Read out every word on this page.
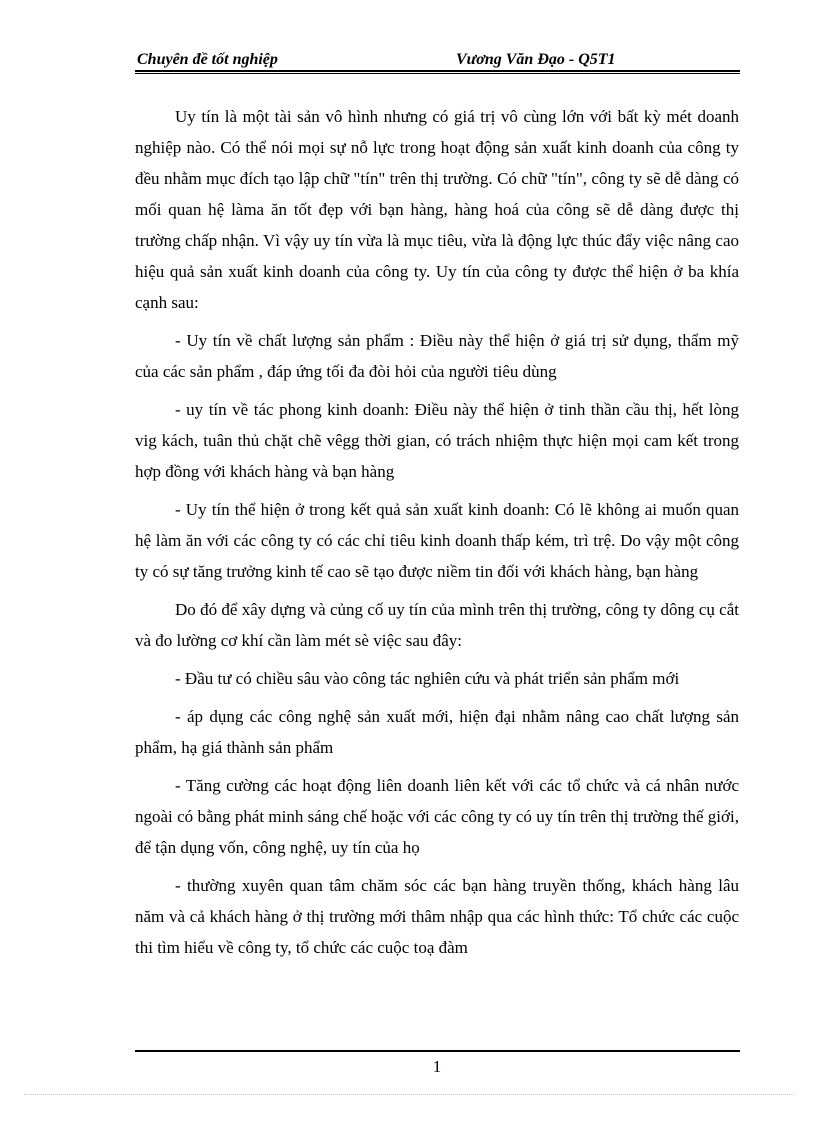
Chuyên đề tốt nghiệp	Vương Văn Đạo - Q5T1

Uy tín là một tài sản vô hình nhưng có giá trị vô cùng lớn với bất kỳ mét doanh nghiệp nào. Có thể nói mọi sự nỗ lực trong hoạt động sản xuất kinh doanh của công ty đều nhằm mục đích tạo lập chữ "tín" trên thị trường. Có chữ "tín", công ty sẽ dễ dàng có mối quan hệ làma ăn tốt đẹp với bạn hàng, hàng hoá của công sẽ dễ dàng được thị trường chấp nhận. Vì vậy uy tín vừa là mục tiêu, vừa là động lực thúc đẩy việc nâng cao hiệu quả sản xuất kinh doanh của công ty. Uy tín của công ty được thể hiện ở ba khía cạnh sau:

- Uy tín về chất lượng sản phẩm : Điều này thể hiện ở giá trị sử dụng, thẩm mỹ của các sản phẩm , đáp ứng tối đa đòi hỏi của người tiêu dùng

- uy tín về tác phong kinh doanh: Điều này thể hiện ở tinh thần cầu thị, hết lòng vig kách, tuân thủ chặt chẽ vêgg thời gian, có trách nhiệm thực hiện mọi cam kết trong hợp đồng với khách hàng và bạn hàng

- Uy tín thể hiện ở trong kết quả sản xuất kinh doanh: Có lẽ không ai muốn quan hệ làm ăn với các công ty có các chỉ tiêu kinh doanh thấp kém, trì trệ. Do vậy một công ty có sự tăng trưởng kinh tế cao sẽ tạo được niềm tin đối với khách hàng, bạn hàng

Do đó để xây dựng và củng cố uy tín của mình trên thị trường, công ty dông cụ cắt và đo lường cơ khí cần làm mét sè việc sau đây:

- Đầu tư có chiều sâu vào công tác nghiên cứu và phát triển sản phẩm mới

- áp dụng các công nghệ sản xuất mới, hiện đại nhằm nâng cao chất lượng sản phẩm, hạ giá thành sản phẩm

- Tăng cường các hoạt động liên doanh liên kết với các tổ chức và cá nhân nước ngoài có bằng phát minh sáng chế hoặc với các công ty có uy tín trên thị trường thế giới, để tận dụng vốn, công nghệ, uy tín của họ

- thường xuyên quan tâm chăm sóc các bạn hàng truyền thống, khách hàng lâu năm và cả khách hàng ở thị trường mới thâm nhập qua các hình thức: Tổ chức các cuộc thi tìm hiểu về công ty, tổ chức các cuộc toạ đàm

1
